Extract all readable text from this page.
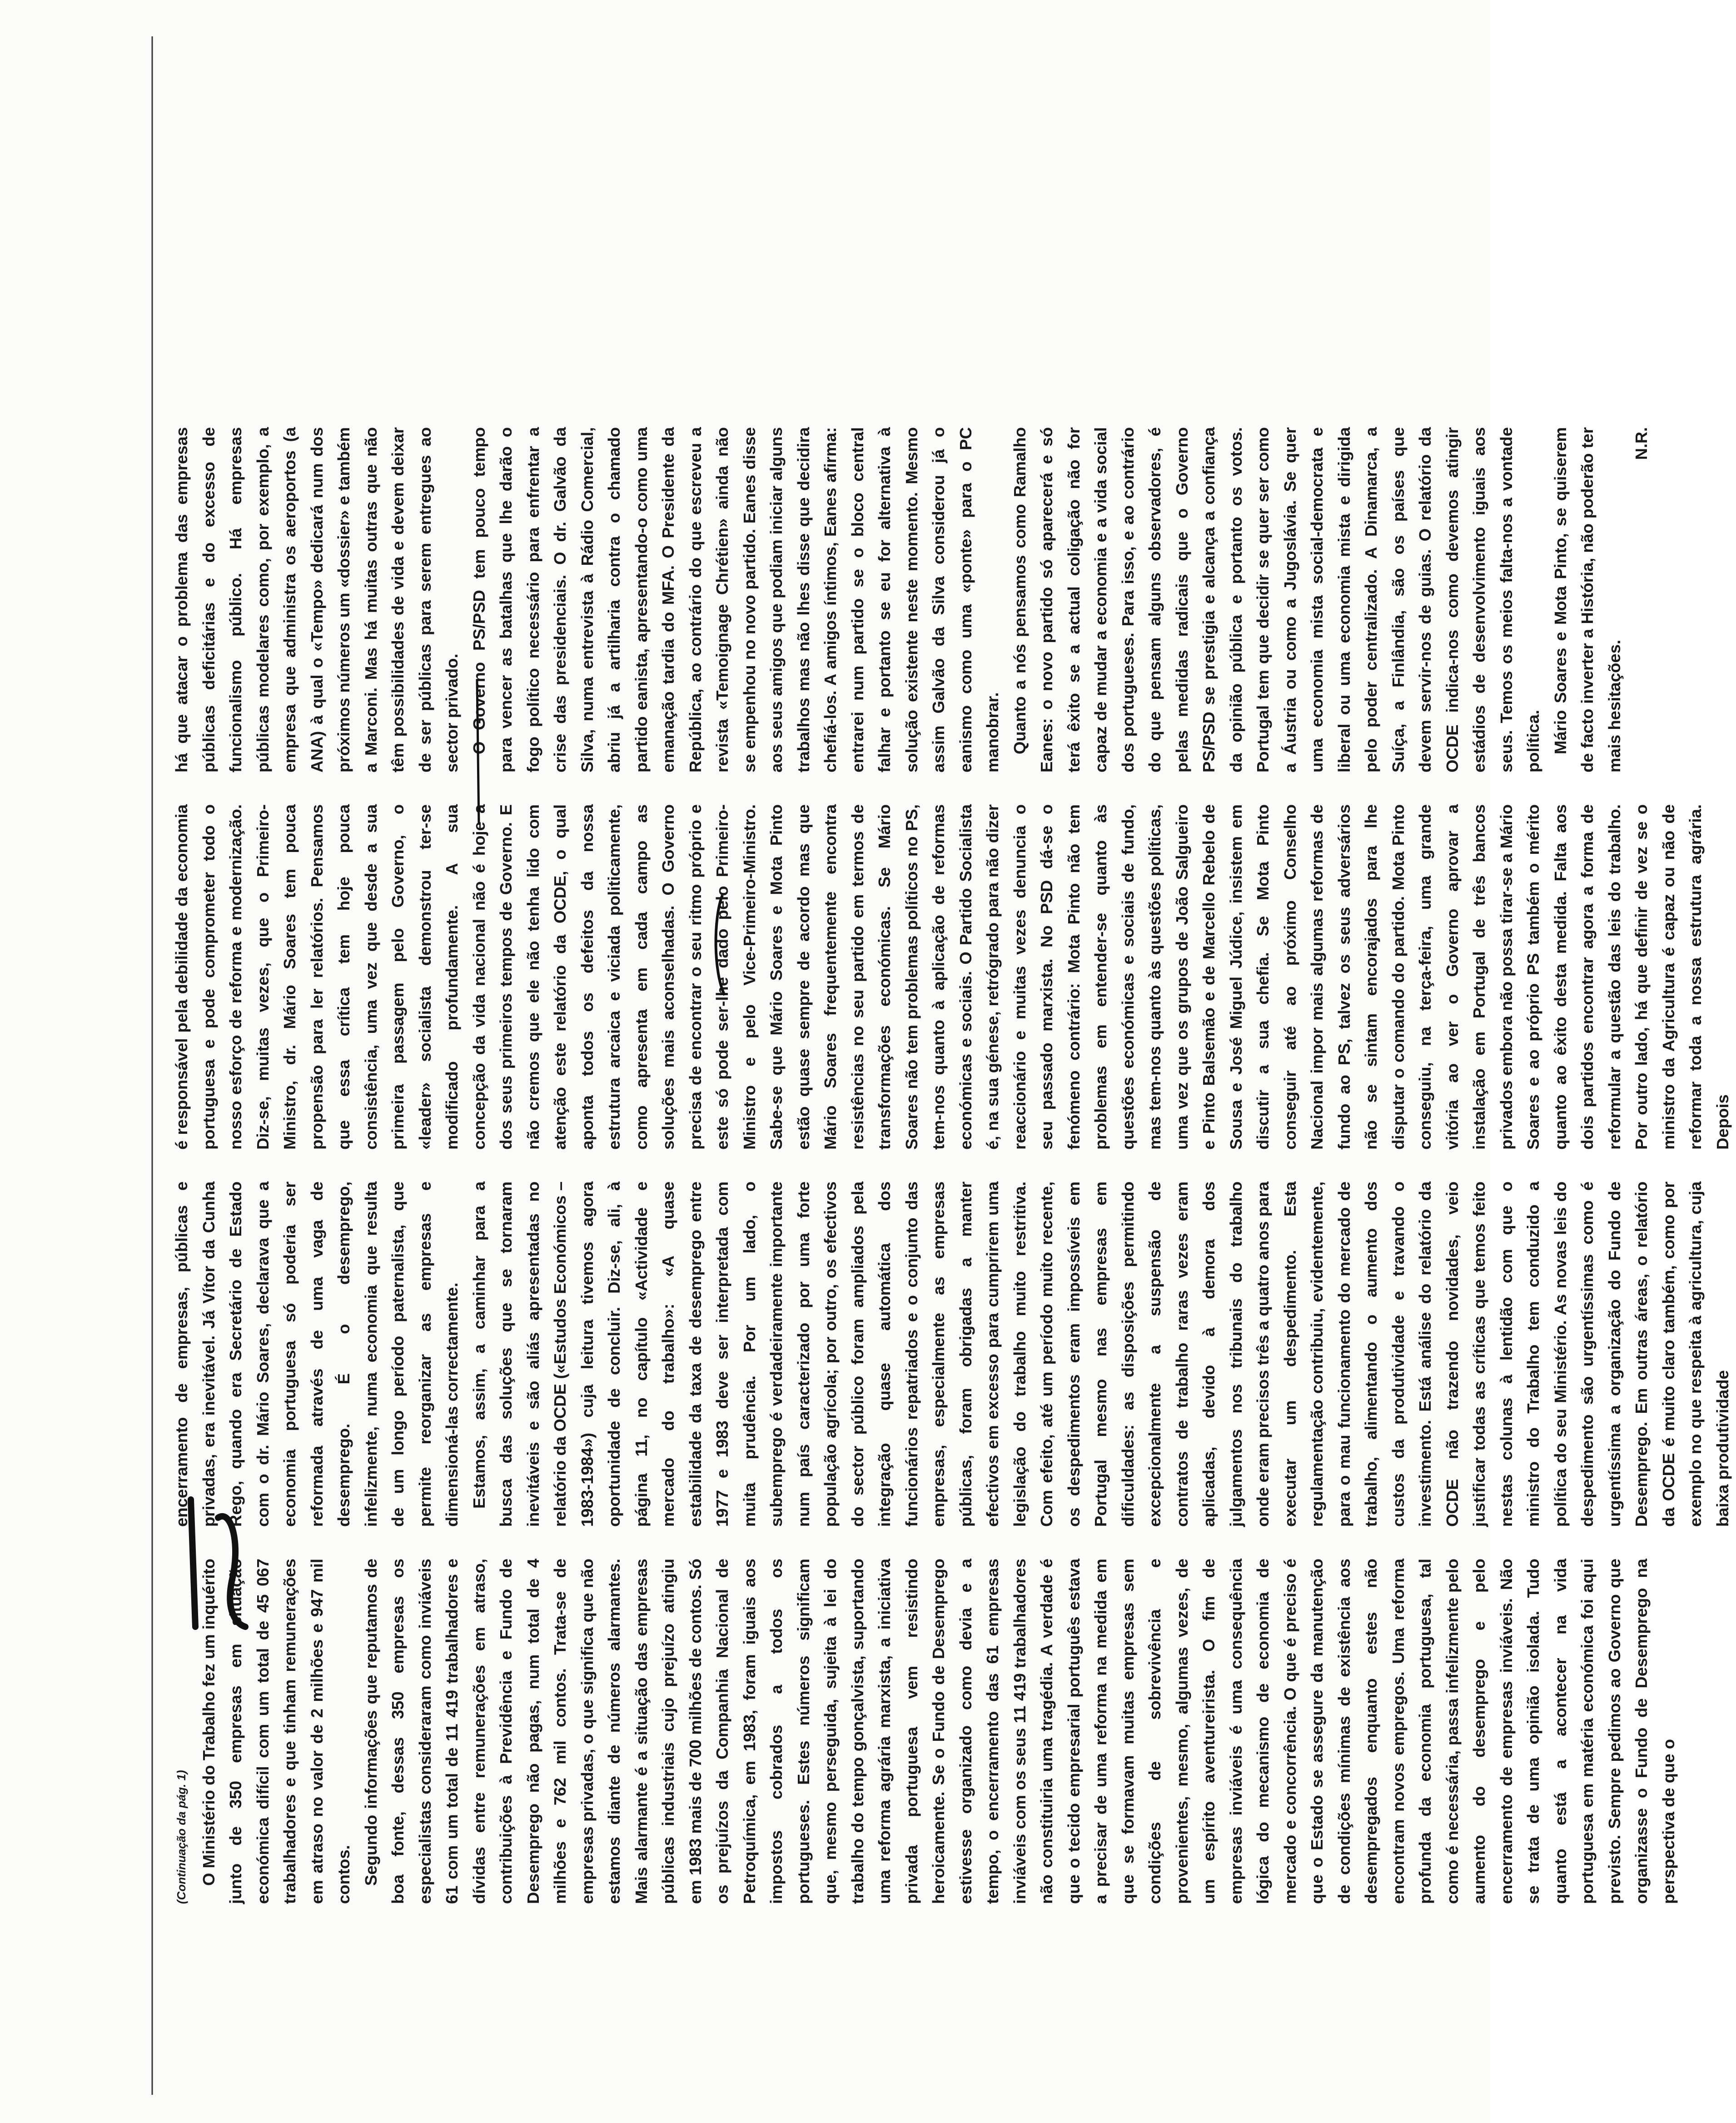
(Continuação da pág. 1) O Ministério do Trabalho fez um inquérito junto de 350 empresas em situação económica difícil com um total de 45 067 trabalhadores e que tinham remunerações em atraso no valor de 2 milhões e 947 mil contos. Segundo informações que reputamos de boa fonte, dessas 350 empresas os especialistas consideraram como inviáveis 61 com um total de 11 419 trabalhadores e dívidas entre remunerações em atraso, contribuições à Previdência e Fundo de Desemprego não pagas, num total de 4 milhões e 762 mil contos. Trata-se de empresas privadas, o que significa que não estamos diante de números alarmantes. Mais alarmante é a situação das empresas públicas industriais cujo prejuízo atingiu em 1983 mais de 700 milhões de contos. Só os prejuízos da Companhia Nacional de Petroquímica, em 1983, foram iguais aos impostos cobrados a todos os portugueses. Estes números significam que, mesmo perseguida, sujeita à lei do trabalho do tempo gonçalvista, suportando uma reforma agrária marxista, a iniciativa privada portuguesa vem resistindo heroicamente. Se o Fundo de Desemprego estivesse organizado como devia e a tempo, o encerramento das 61 empresas inviáveis com os seus 11 419 trabalhadores não constituiria uma tragédia. A verdade é que o tecido empresarial português estava a precisar de uma reforma na medida em que se formavam muitas empresas sem condições de sobrevivência e provenientes, mesmo, algumas vezes, de um espírito aventureirista. O fim de empresas inviáveis é uma consequência lógica do mecanismo de economia de mercado e concorrência. O que é preciso é que o Estado se assegure da manutenção de condições mínimas de existência aos desempregados enquanto estes não encontram novos empregos. Uma reforma profunda da economia portuguesa, tal como é necessária, passa infelizmente pelo aumento do desemprego e pelo encerramento de empresas inviáveis. Não se trata de uma opinião isolada. Tudo quanto está a acontecer na vida portuguesa em matéria económica foi aqui previsto. Sempre pedimos ao Governo que organizasse o Fundo de Desemprego na perspectiva de que o

encerramento de empresas, públicas e privadas, era inevitável. Já Vítor da Cunha Rego, quando era Secretário de Estado com o dr. Mário Soares, declarava que a economia portuguesa só poderia ser reformada através de uma vaga de desemprego. É o desemprego, infelizmente, numa economia que resulta de um longo período paternalista, que permite reorganizar as empresas e dimensioná-las correctamente. Estamos, assim, a caminhar para a busca das soluções que se tornaram inevitáveis e são aliás apresentadas no relatório da OCDE («Estudos Económicos – 1983-1984») cuja leitura tivemos agora oportunidade de concluir. Diz-se, ali, à página 11, no capítulo «Actividade e mercado do trabalho»: «A quase estabilidade da taxa de desemprego entre 1977 e 1983 deve ser interpretada com muita prudência. Por um lado, o subemprego é verdadeiramente importante num país caracterizado por uma forte população agrícola; por outro, os efectivos do sector público foram ampliados pela integração quase automática dos funcionários repatriados e o conjunto das empresas, especialmente as empresas públicas, foram obrigadas a manter efectivos em excesso para cumprirem uma legislação do trabalho muito restritiva. Com efeito, até um período muito recente, os despedimentos eram impossíveis em Portugal mesmo nas empresas em dificuldades: as disposições permitindo excepcionalmente a suspensão de contratos de trabalho raras vezes eram aplicadas, devido à demora dos julgamentos nos tribunais do trabalho onde eram precisos três a quatro anos para executar um despedimento. Esta regulamentação contribuiu, evidentemente, para o mau funcionamento do mercado de trabalho, alimentando o aumento dos custos da produtividade e travando o investimento. Está análise do relatório da OCDE não trazendo novidades, veio justificar todas as críticas que temos feito nestas colunas à lentidão com que o ministro do Trabalho tem conduzido a política do seu Ministério. As novas leis do despedimento são urgentíssimas como é urgentíssima a organização do Fundo de Desemprego. Em outras áreas, o relatório da OCDE é muito claro também, como por exemplo no que respeita à agricultura, cuja baixa produtividade

é responsável pela debilidade da economia portuguesa e pode comprometer todo o nosso esforço de reforma e modernização. Diz-se, muitas vezes, que o Primeiro-Ministro, dr. Mário Soares tem pouca propensão para ler relatórios. Pensamos que essa crítica tem hoje pouca consistência, uma vez que desde a sua primeira passagem pelo Governo, o «leader» socialista demonstrou ter-se modificado profundamente. A sua concepção da vida nacional não é hoje a dos seus primeiros tempos de Governo. E não cremos que ele não tenha lido com atenção este relatório da OCDE, o qual aponta todos os defeitos da nossa estrutura arcaica e viciada politicamente, como apresenta em cada campo as soluções mais aconselhadas. O Governo precisa de encontrar o seu ritmo próprio e este só pode ser-lhe dado pelo Primeiro-Ministro e pelo Vice-Primeiro-Ministro. Sabe-se que Mário Soares e Mota Pinto estão quase sempre de acordo mas que Mário Soares frequentemente encontra resistências no seu partido em termos de transformações económicas. Se Mário Soares não tem problemas políticos no PS, tem-nos quanto à aplicação de reformas económicas e sociais. O Partido Socialista é, na sua génese, retrógrado para não dizer reaccionário e muitas vezes denuncia o seu passado marxista. No PSD dá-se o fenómeno contrário: Mota Pinto não tem problemas em entender-se quanto às questões económicas e sociais de fundo, mas tem-nos quanto às questões políticas, uma vez que os grupos de João Salgueiro e Pinto Balsemão e de Marcello Rebelo de Sousa e José Miguel Júdice, insistem em discutir a sua chefia. Se Mota Pinto conseguir até ao próximo Conselho Nacional impor mais algumas reformas de fundo ao PS, talvez os seus adversários não se sintam encorajados para lhe disputar o comando do partido. Mota Pinto conseguiu, na terça-feira, uma grande vitória ao ver o Governo aprovar a instalação em Portugal de três bancos privados embora não possa tirar-se a Mário Soares e ao próprio PS também o mérito quanto ao êxito desta medida. Falta aos dois partidos encontrar agora a forma de reformular a questão das leis do trabalho. Por outro lado, há que definir de vez se o ministro da Agricultura é capaz ou não de reformar toda a nossa estrutura agrária. Depois

há que atacar o problema das empresas públicas deficitárias e do excesso de funcionalismo público. Há empresas públicas modelares como, por exemplo, a empresa que administra os aeroportos (a ANA) à qual o «Tempo» dedicará num dos próximos números um «dossier» e também a Marconi. Mas há muitas outras que não têm possibilidades de vida e devem deixar de ser públicas para serem entregues ao sector privado. O Governo PS/PSD tem pouco tempo para vencer as batalhas que lhe darão o fogo político necessário para enfrentar a crise das presidenciais. O dr. Galvão da Silva, numa entrevista à Rádio Comercial, abriu já a artilharia contra o chamado partido eanista, apresentando-o como uma emanação tardia do MFA. O Presidente da República, ao contrário do que escreveu a revista «Temoignage Chrétien» ainda não se empenhou no novo partido. Eanes disse aos seus amigos que podiam iniciar alguns trabalhos mas não lhes disse que decidira chefiá-los. A amigos íntimos, Eanes afirma: entrarei num partido se o bloco central falhar e portanto se eu for alternativa à solução existente neste momento. Mesmo assim Galvão da Silva considerou já o eanismo como uma «ponte» para o PC manobrar. Quanto a nós pensamos como Ramalho Eanes: o novo partido só aparecerá e só terá êxito se a actual coligação não for capaz de mudar a economia e a vida social dos portugueses. Para isso, e ao contrário do que pensam alguns observadores, é pelas medidas radicais que o Governo PS/PSD se prestigia e alcança a confiança da opinião pública e portanto os votos. Portugal tem que decidir se quer ser como a Áustria ou como a Jugoslávia. Se quer uma economia mista social-democrata e liberal ou uma economia mista e dirigida pelo poder centralizado. A Dinamarca, a Suíça, a Finlândia, são os países que devem servir-nos de guias. O relatório da OCDE indica-nos como devemos atingir estádios de desenvolvimento iguais aos seus. Temos os meios falta-nos a vontade política. Mário Soares e Mota Pinto, se quiserem de facto inverter a História, não poderão ter mais hesitações.

N.R.
